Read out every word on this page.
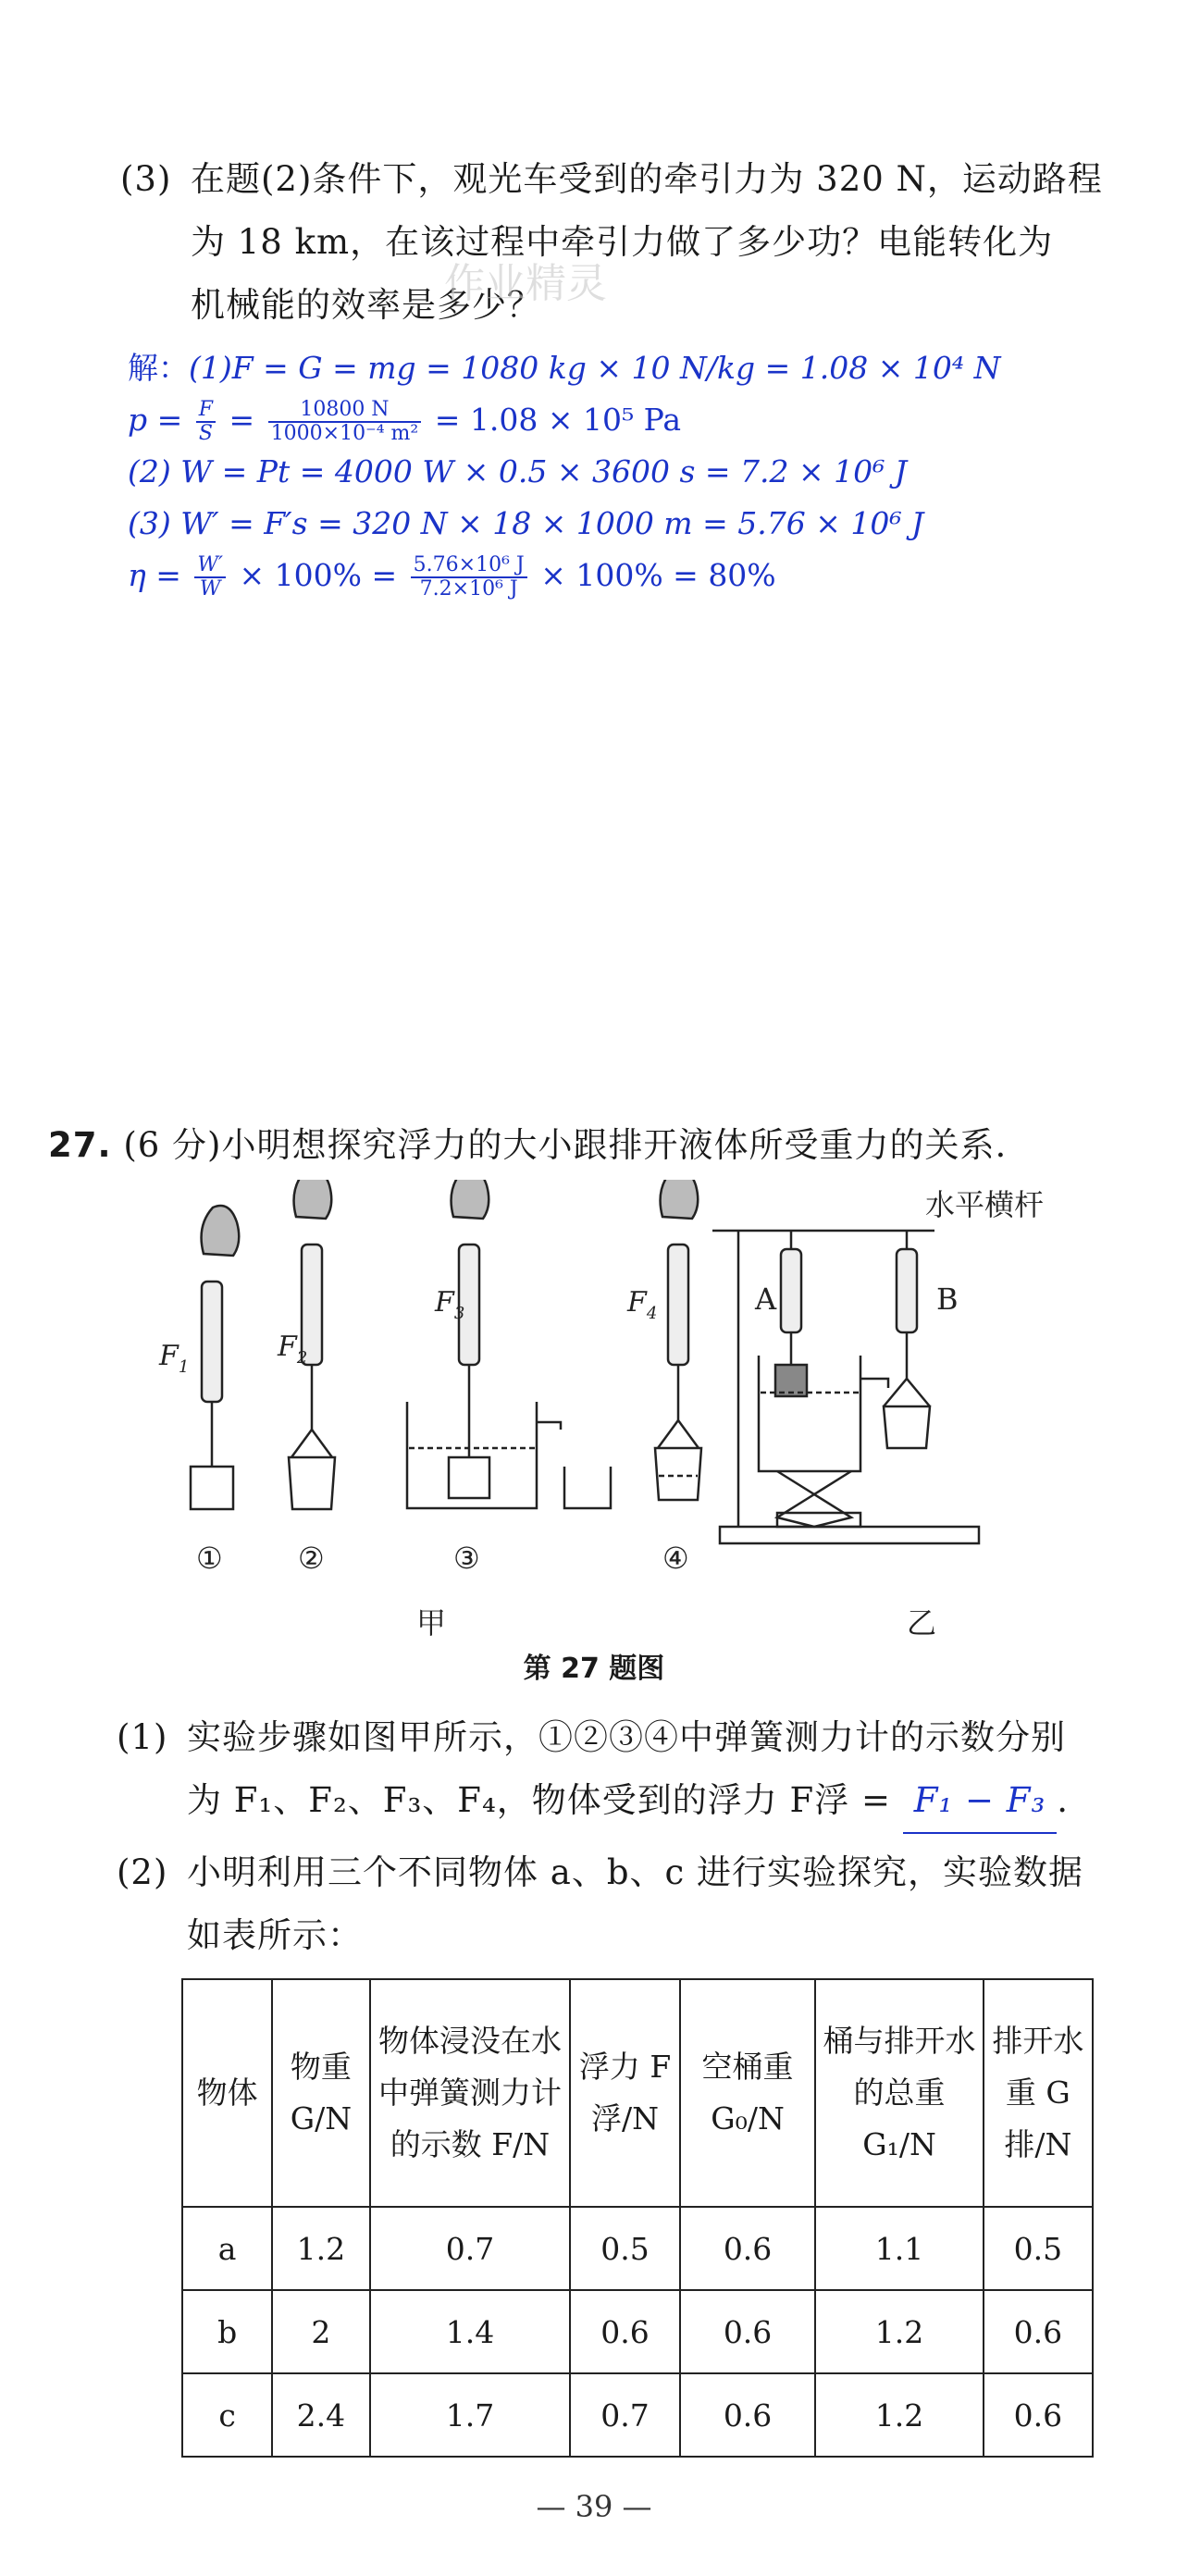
(3) 在题(2)条件下，观光车受到的牵引力为 320 N，运动路程
为 18 km，在该过程中牵引力做了多少功？电能转化为
机械能的效率是多少？
作业精灵
解：(1)F = G = mg = 1080 kg × 10 N/kg = 1.08 × 10⁴ N
$p = \frac{F}{S} = \frac{10800 N}{\text{1000×10⁻⁴ m²}} = 1.08 \times 10^5$ Pa
(2) W = Pt = 4000 W × 0.5 × 3600 s = 7.2 × 10⁶ J
(3) W′ = F′s = 320 N × 18 × 1000 m = 5.76 × 10⁶ J
$\eta = \frac{W'}{W} \times 100\% = \frac{\text{5.76×10⁶ J}}{\text{7.2×10⁶ J}} \times 100\% = 80\%$
27. (6 分)小明想探究浮力的大小跟排开液体所受重力的关系.
$F_1$
$F_2$
$F_3$	$F_4$
①	②	③	④
A	B
水平横杆
甲	乙
第 27 题图
(1) 实验步骤如图甲所示，①②③④中弹簧测力计的示数分别
为 F₁、F₂、F₃、F₄，物体受到的浮力 F浮 = F₁ − F₃ .
(2) 小明利用三个不同物体 a、b、c 进行实验探究，实验数据
如表所示：
物体	物重 G/N	物体浸没在水中弹簧测力计的示数 F/N	浮力 F浮/N	空桶重 G₀/N	桶与排开水的总重 G₁/N	排开水重 G排/N
a	1.2	0.7	0.5	0.6	1.1	0.5
b	2	1.4	0.6	0.6	1.2	0.6
c	2.4	1.7	0.7	0.6	1.2	0.6
— 39 —
